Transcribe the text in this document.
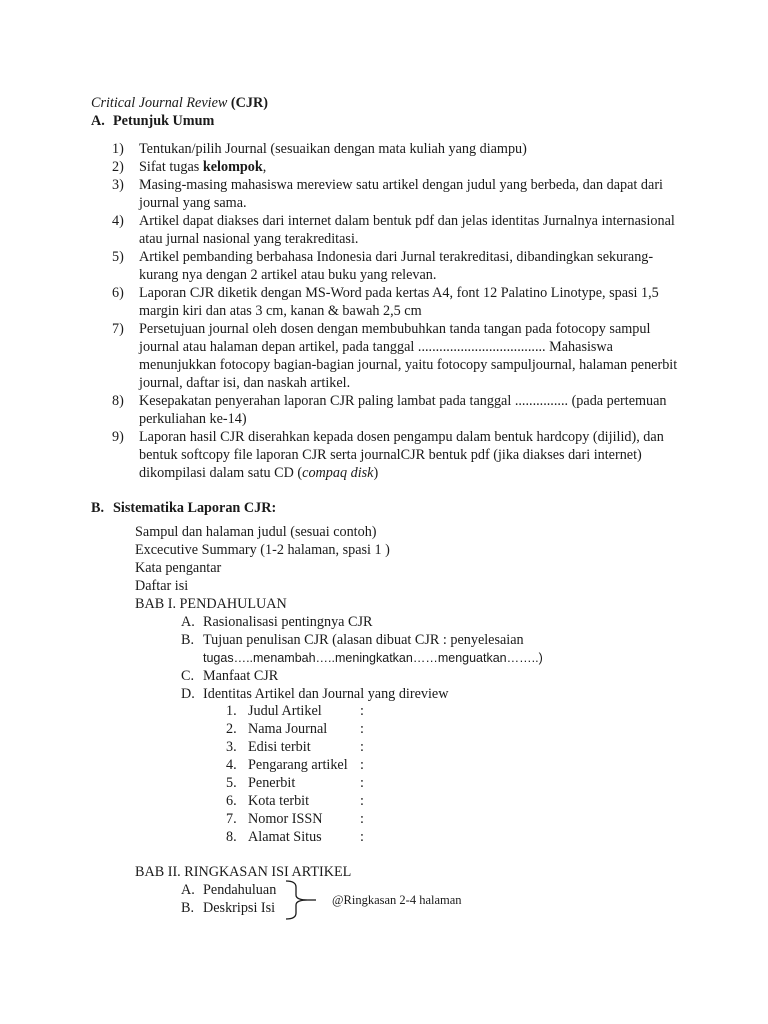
Critical Journal Review (CJR)
A. Petunjuk Umum
1) Tentukan/pilih Journal (sesuaikan dengan mata kuliah yang diampu)
2) Sifat tugas kelompok,
3) Masing-masing mahasiswa mereview satu artikel dengan judul yang berbeda, dan dapat dari journal yang sama.
4) Artikel dapat diakses dari internet dalam bentuk pdf dan jelas identitas Jurnalnya internasional atau jurnal nasional yang terakreditasi.
5) Artikel pembanding berbahasa Indonesia dari Jurnal terakreditasi, dibandingkan sekurang-kurang nya dengan 2 artikel atau buku yang relevan.
6) Laporan CJR diketik dengan MS-Word pada kertas A4, font 12 Palatino Linotype, spasi 1,5 margin kiri dan atas 3 cm, kanan & bawah 2,5 cm
7) Persetujuan journal oleh dosen dengan membubuhkan tanda tangan pada fotocopy sampul journal atau halaman depan artikel, pada tanggal .................................... Mahasiswa menunjukkan fotocopy bagian-bagian journal, yaitu fotocopy sampuljournal, halaman penerbit journal, daftar isi, dan naskah artikel.
8) Kesepakatan penyerahan laporan CJR paling lambat pada tanggal ............... (pada pertemuan perkuliahan ke-14)
9) Laporan hasil CJR diserahkan kepada dosen pengampu dalam bentuk hardcopy (dijilid), dan bentuk softcopy file laporan CJR serta journalCJR bentuk pdf (jika diakses dari internet) dikompilasi dalam satu CD (compaq disk)
B. Sistematika Laporan CJR:
Sampul dan halaman judul (sesuai contoh)
Excecutive Summary (1-2 halaman, spasi 1 )
Kata pengantar
Daftar isi
BAB I. PENDAHULUAN
A. Rasionalisasi pentingnya CJR
B. Tujuan penulisan CJR (alasan dibuat CJR : penyelesaian
tugas…..menambah…..meningkatkan……menguatkan……..)
C. Manfaat CJR
D. Identitas Artikel dan Journal yang direview
1. Judul Artikel	:
2. Nama Journal :
3. Edisi terbit	:
4. Pengarang artikel :
5. Penerbit	:
6. Kota terbit	:
7. Nomor ISSN	:
8. Alamat Situs	:
BAB II. RINGKASAN ISI ARTIKEL
A. Pendahuluan
B. Deskripsi Isi	@Ringkasan 2-4 halaman
